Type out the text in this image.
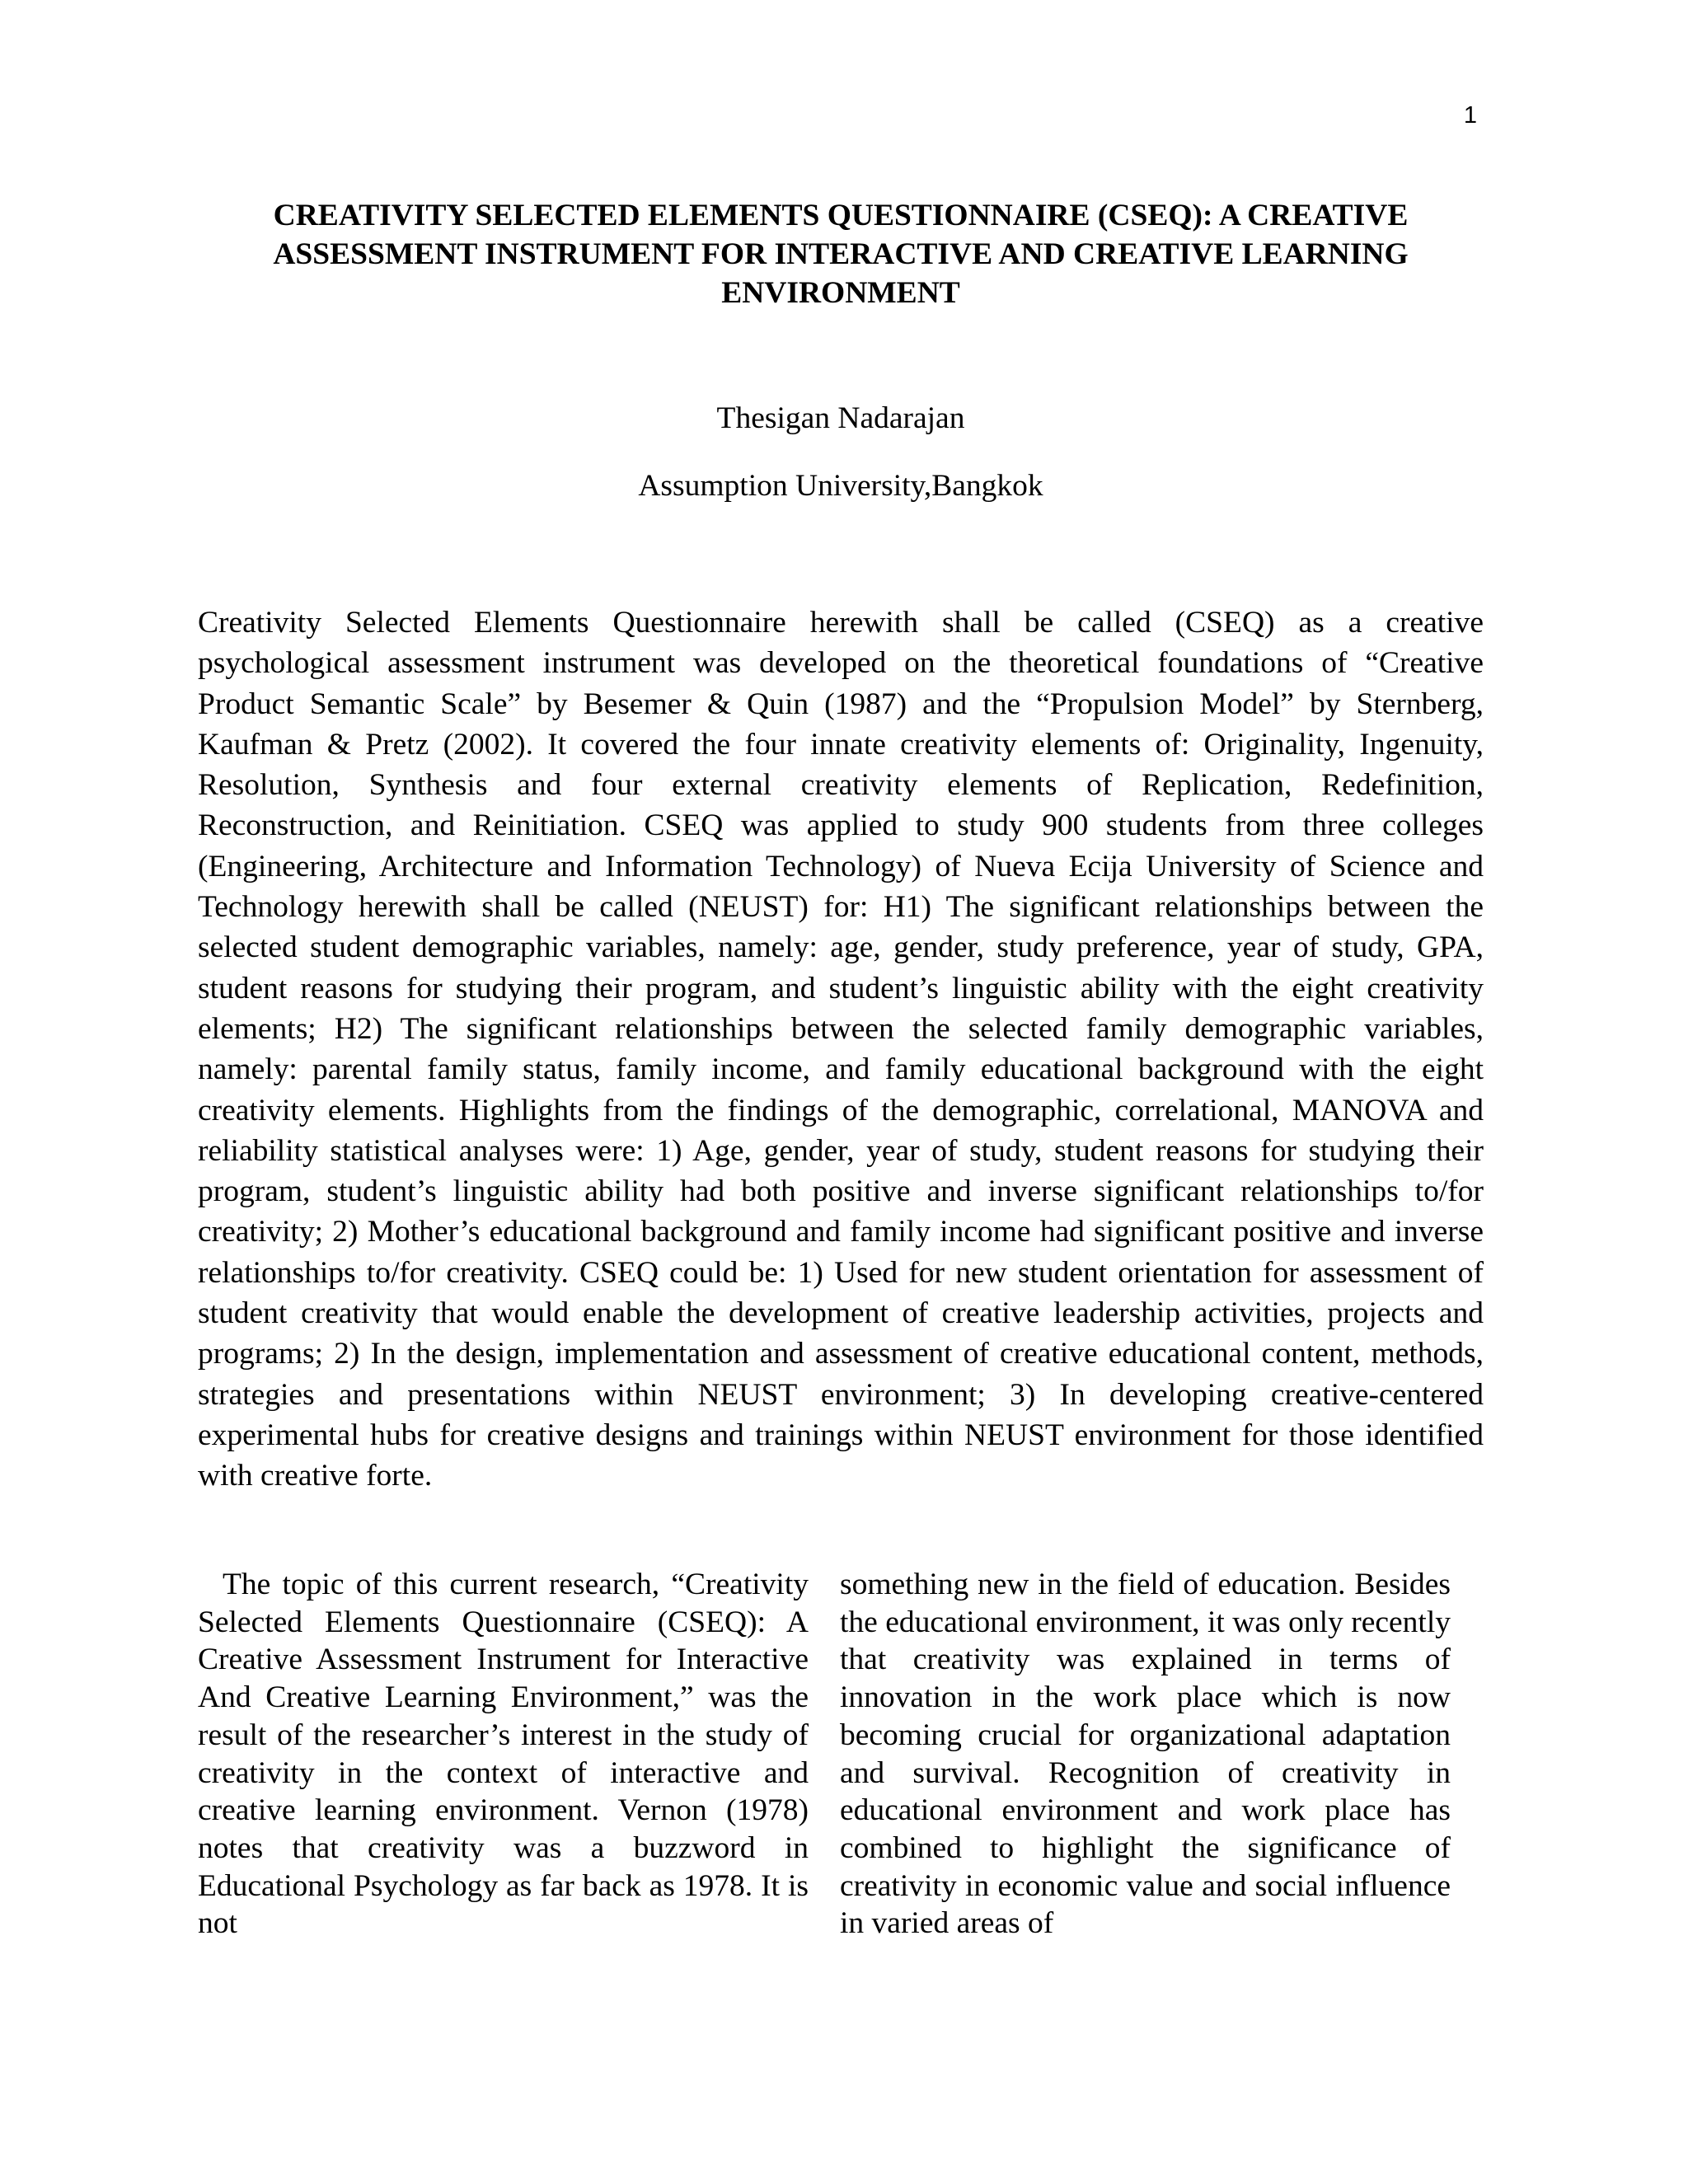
1
CREATIVITY SELECTED ELEMENTS QUESTIONNAIRE (CSEQ): A CREATIVE ASSESSMENT INSTRUMENT FOR INTERACTIVE AND CREATIVE LEARNING ENVIRONMENT
Thesigan Nadarajan
Assumption University,Bangkok

Creativity Selected Elements Questionnaire herewith shall be called (CSEQ) as a creative psychological assessment instrument was developed on the theoretical foundations of “Creative Product Semantic Scale” by Besemer & Quin (1987) and the “Propulsion Model” by Sternberg, Kaufman & Pretz (2002). It covered the four innate creativity elements of: Originality, Ingenuity, Resolution, Synthesis and four external creativity elements of Replication, Redefinition, Reconstruction, and Reinitiation. CSEQ was applied to study 900 students from three colleges (Engineering, Architecture and Information Technology) of Nueva Ecija University of Science and Technology herewith shall be called (NEUST) for: H1) The significant relationships between the selected student demographic variables, namely: age, gender, study preference, year of study, GPA, student reasons for studying their program, and student’s linguistic ability with the eight creativity elements; H2) The significant relationships between the selected family demographic variables, namely: parental family status, family income, and family educational background with the eight creativity elements. Highlights from the findings of the demographic, correlational, MANOVA and reliability statistical analyses were: 1) Age, gender, year of study, student reasons for studying their program, student’s linguistic ability had both positive and inverse significant relationships to/for creativity; 2) Mother’s educational background and family income had significant positive and inverse relationships to/for creativity. CSEQ could be: 1) Used for new student orientation for assessment of student creativity that would enable the development of creative leadership activities, projects and programs; 2) In the design, implementation and assessment of creative educational content, methods, strategies and presentations within NEUST environment; 3) In developing creative-centered experimental hubs for creative designs and trainings within NEUST environment for those identified with creative forte.

The topic of this current research, “Creativity Selected Elements Questionnaire (CSEQ): A Creative Assessment Instrument for Interactive And Creative Learning Environment,” was the result of the researcher’s interest in the study of creativity in the context of interactive and creative learning environment. Vernon (1978) notes that creativity was a buzzword in Educational Psychology as far back as 1978. It is not

something new in the field of education. Besides the educational environment, it was only recently that creativity was explained in terms of innovation in the work place which is now becoming crucial for organizational adaptation and survival. Recognition of creativity in educational environment and work place has combined to highlight the significance of creativity in economic value and social influence in varied areas of
